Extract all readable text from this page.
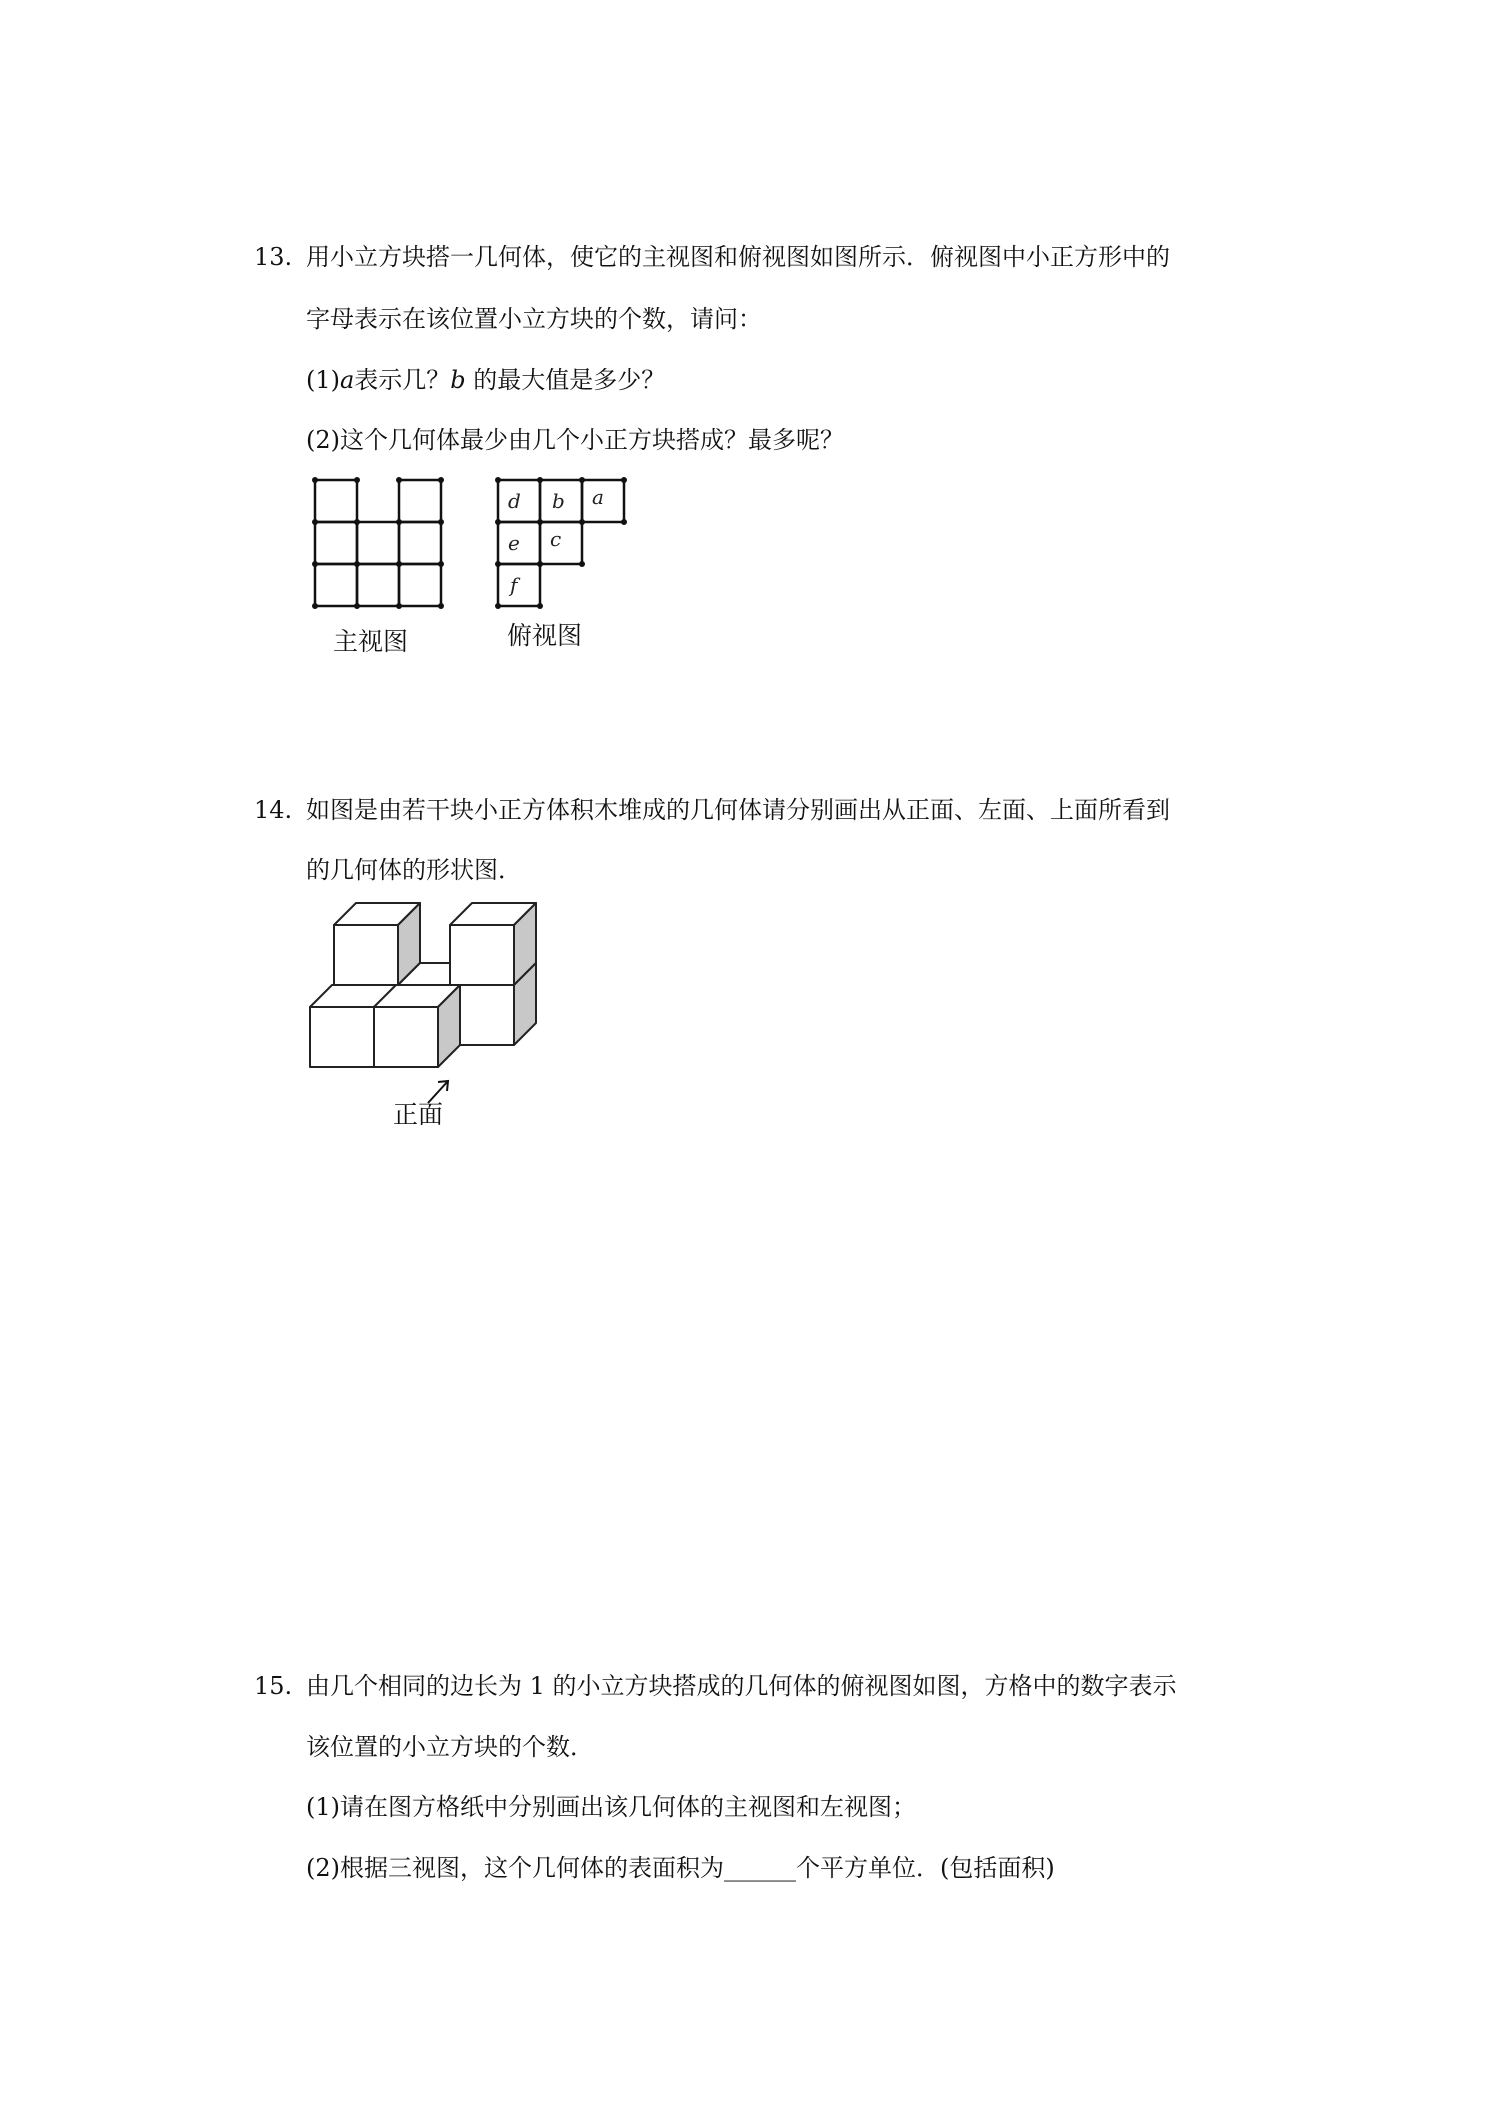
13. 用小立方块搭一几何体，使它的主视图和俯视图如图所示．俯视图中小正方形中的
字母表示在该位置小立方块的个数，请问：
(1)𝑎表示几？𝑏 的最大值是多少？
(2)这个几何体最少由几个小正方块搭成？最多呢？
主视图
d b a
e c
f
俯视图
14. 如图是由若干块小正方体积木堆成的几何体请分别画出从正面、左面、上面所看到
的几何体的形状图．
正面
15. 由几个相同的边长为 1 的小立方块搭成的几何体的俯视图如图，方格中的数字表示
该位置的小立方块的个数．
(1)请在图方格纸中分别画出该几何体的主视图和左视图；
(2)根据三视图，这个几何体的表面积为______个平方单位．(包括面积)
